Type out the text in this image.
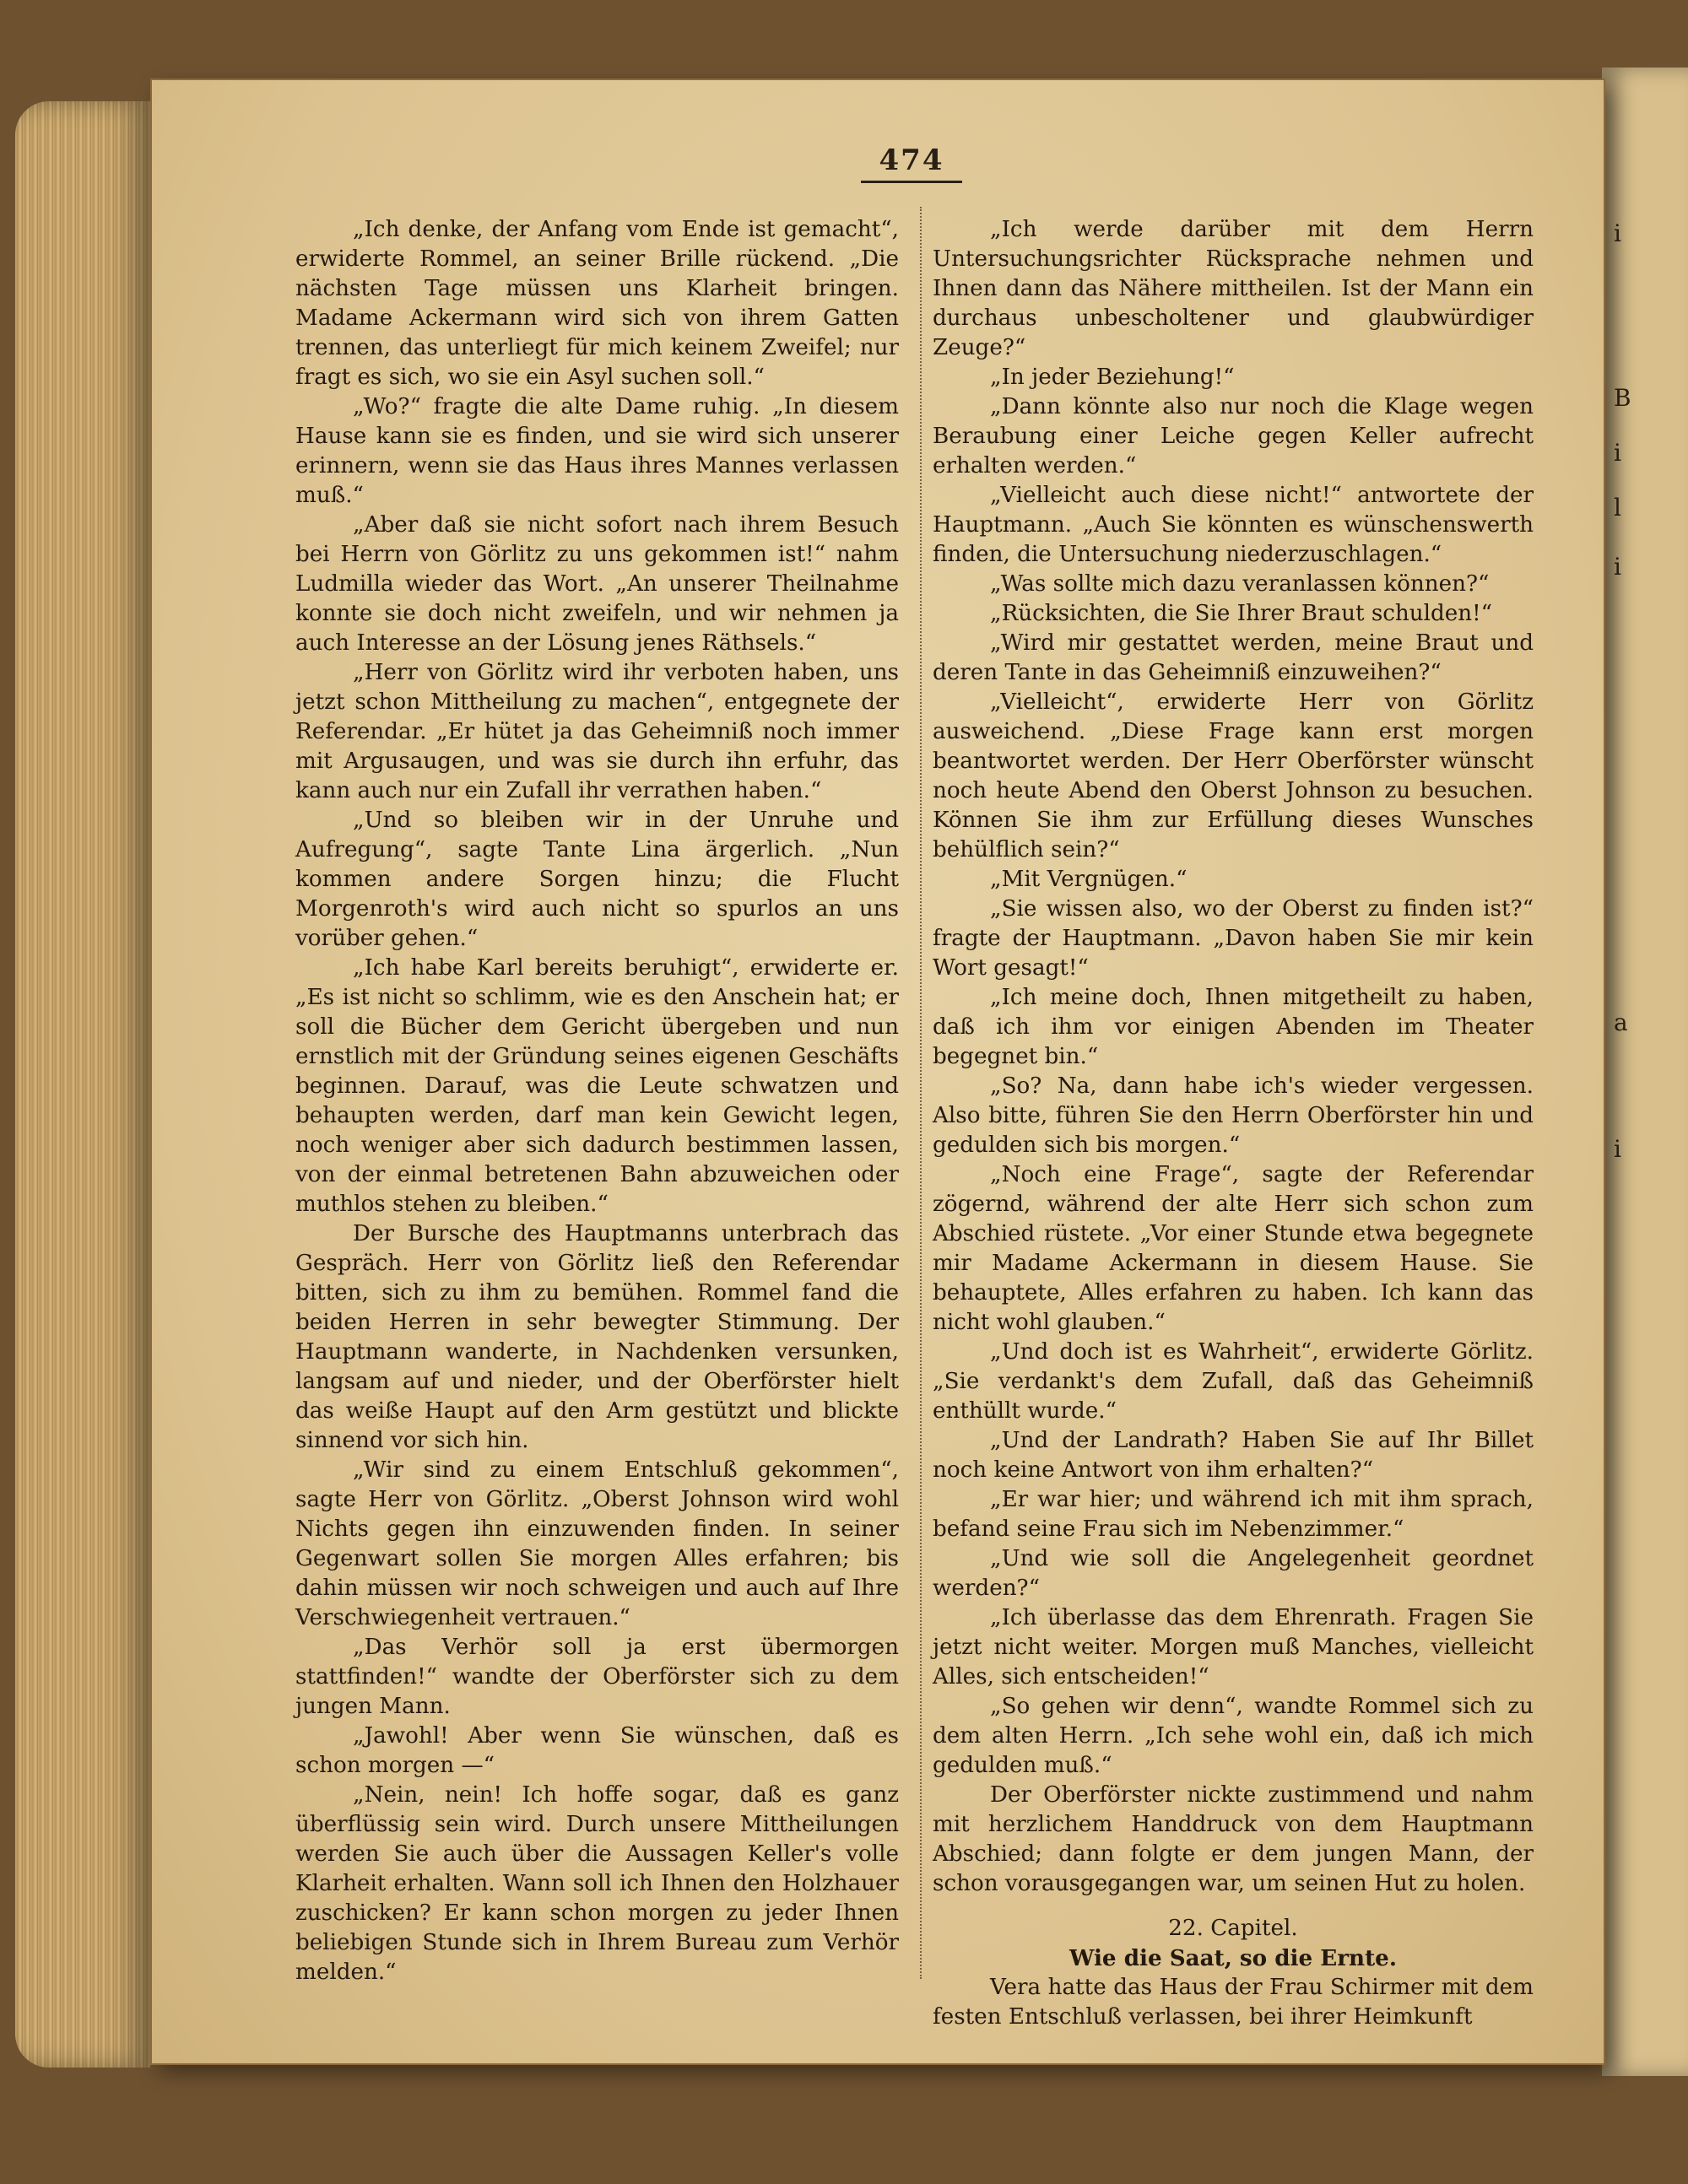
i
B
i
l
i
a
i
474

„Ich denke, der Anfang vom Ende ist gemacht“, erwiderte Rommel, an seiner Brille rückend. „Die nächsten Tage müssen uns Klarheit bringen. Madame Ackermann wird sich von ihrem Gatten trennen, das unterliegt für mich keinem Zweifel; nur fragt es sich, wo sie ein Asyl suchen soll.“

„Wo?“ fragte die alte Dame ruhig. „In diesem Hause kann sie es finden, und sie wird sich unserer erinnern, wenn sie das Haus ihres Mannes verlassen muß.“

„Aber daß sie nicht sofort nach ihrem Besuch bei Herrn von Görlitz zu uns gekommen ist!“ nahm Ludmilla wieder das Wort. „An unserer Theilnahme konnte sie doch nicht zweifeln, und wir nehmen ja auch Interesse an der Lösung jenes Räthsels.“

„Herr von Görlitz wird ihr verboten haben, uns jetzt schon Mittheilung zu machen“, entgegnete der Referendar. „Er hütet ja das Geheimniß noch immer mit Argusaugen, und was sie durch ihn erfuhr, das kann auch nur ein Zufall ihr verrathen haben.“

„Und so bleiben wir in der Unruhe und Aufregung“, sagte Tante Lina ärgerlich. „Nun kommen andere Sorgen hinzu; die Flucht Morgenroth's wird auch nicht so spurlos an uns vorüber gehen.“

„Ich habe Karl bereits beruhigt“, erwiderte er. „Es ist nicht so schlimm, wie es den Anschein hat; er soll die Bücher dem Gericht übergeben und nun ernstlich mit der Gründung seines eigenen Geschäfts beginnen. Darauf, was die Leute schwatzen und behaupten werden, darf man kein Gewicht legen, noch weniger aber sich dadurch bestimmen lassen, von der einmal betretenen Bahn abzuweichen oder muthlos stehen zu bleiben.“

Der Bursche des Hauptmanns unterbrach das Gespräch. Herr von Görlitz ließ den Referendar bitten, sich zu ihm zu bemühen. Rommel fand die beiden Herren in sehr bewegter Stimmung. Der Hauptmann wanderte, in Nachdenken versunken, langsam auf und nieder, und der Oberförster hielt das weiße Haupt auf den Arm gestützt und blickte sinnend vor sich hin.

„Wir sind zu einem Entschluß gekommen“, sagte Herr von Görlitz. „Oberst Johnson wird wohl Nichts gegen ihn einzuwenden finden. In seiner Gegenwart sollen Sie morgen Alles erfahren; bis dahin müssen wir noch schweigen und auch auf Ihre Verschwiegenheit vertrauen.“

„Das Verhör soll ja erst übermorgen stattfinden!“ wandte der Oberförster sich zu dem jungen Mann.

„Jawohl! Aber wenn Sie wünschen, daß es schon morgen —“

„Nein, nein! Ich hoffe sogar, daß es ganz überflüssig sein wird. Durch unsere Mittheilungen werden Sie auch über die Aussagen Keller's volle Klarheit erhalten. Wann soll ich Ihnen den Holzhauer zuschicken? Er kann schon morgen zu jeder Ihnen beliebigen Stunde sich in Ihrem Bureau zum Verhör melden.“

„Ich werde darüber mit dem Herrn Untersuchungsrichter Rücksprache nehmen und Ihnen dann das Nähere mittheilen. Ist der Mann ein durchaus unbescholtener und glaubwürdiger Zeuge?“

„In jeder Beziehung!“

„Dann könnte also nur noch die Klage wegen Beraubung einer Leiche gegen Keller aufrecht erhalten werden.“

„Vielleicht auch diese nicht!“ antwortete der Hauptmann. „Auch Sie könnten es wünschenswerth finden, die Untersuchung niederzuschlagen.“

„Was sollte mich dazu veranlassen können?“

„Rücksichten, die Sie Ihrer Braut schulden!“

„Wird mir gestattet werden, meine Braut und deren Tante in das Geheimniß einzuweihen?“

„Vielleicht“, erwiderte Herr von Görlitz ausweichend. „Diese Frage kann erst morgen beantwortet werden. Der Herr Oberförster wünscht noch heute Abend den Oberst Johnson zu besuchen. Können Sie ihm zur Erfüllung dieses Wunsches behülflich sein?“

„Mit Vergnügen.“

„Sie wissen also, wo der Oberst zu finden ist?“ fragte der Hauptmann. „Davon haben Sie mir kein Wort gesagt!“

„Ich meine doch, Ihnen mitgetheilt zu haben, daß ich ihm vor einigen Abenden im Theater begegnet bin.“

„So? Na, dann habe ich's wieder vergessen. Also bitte, führen Sie den Herrn Oberförster hin und gedulden sich bis morgen.“

„Noch eine Frage“, sagte der Referendar zögernd, während der alte Herr sich schon zum Abschied rüstete. „Vor einer Stunde etwa begegnete mir Madame Ackermann in diesem Hause. Sie behauptete, Alles erfahren zu haben. Ich kann das nicht wohl glauben.“

„Und doch ist es Wahrheit“, erwiderte Görlitz. „Sie verdankt's dem Zufall, daß das Geheimniß enthüllt wurde.“

„Und der Landrath? Haben Sie auf Ihr Billet noch keine Antwort von ihm erhalten?“

„Er war hier; und während ich mit ihm sprach, befand seine Frau sich im Nebenzimmer.“

„Und wie soll die Angelegenheit geordnet werden?“

„Ich überlasse das dem Ehrenrath. Fragen Sie jetzt nicht weiter. Morgen muß Manches, vielleicht Alles, sich entscheiden!“

„So gehen wir denn“, wandte Rommel sich zu dem alten Herrn. „Ich sehe wohl ein, daß ich mich gedulden muß.“

Der Oberförster nickte zustimmend und nahm mit herzlichem Handdruck von dem Hauptmann Abschied; dann folgte er dem jungen Mann, der schon vorausgegangen war, um seinen Hut zu holen.

22. Capitel.

Wie die Saat, so die Ernte.

Vera hatte das Haus der Frau Schirmer mit dem festen Entschluß verlassen, bei ihrer Heimkunft
